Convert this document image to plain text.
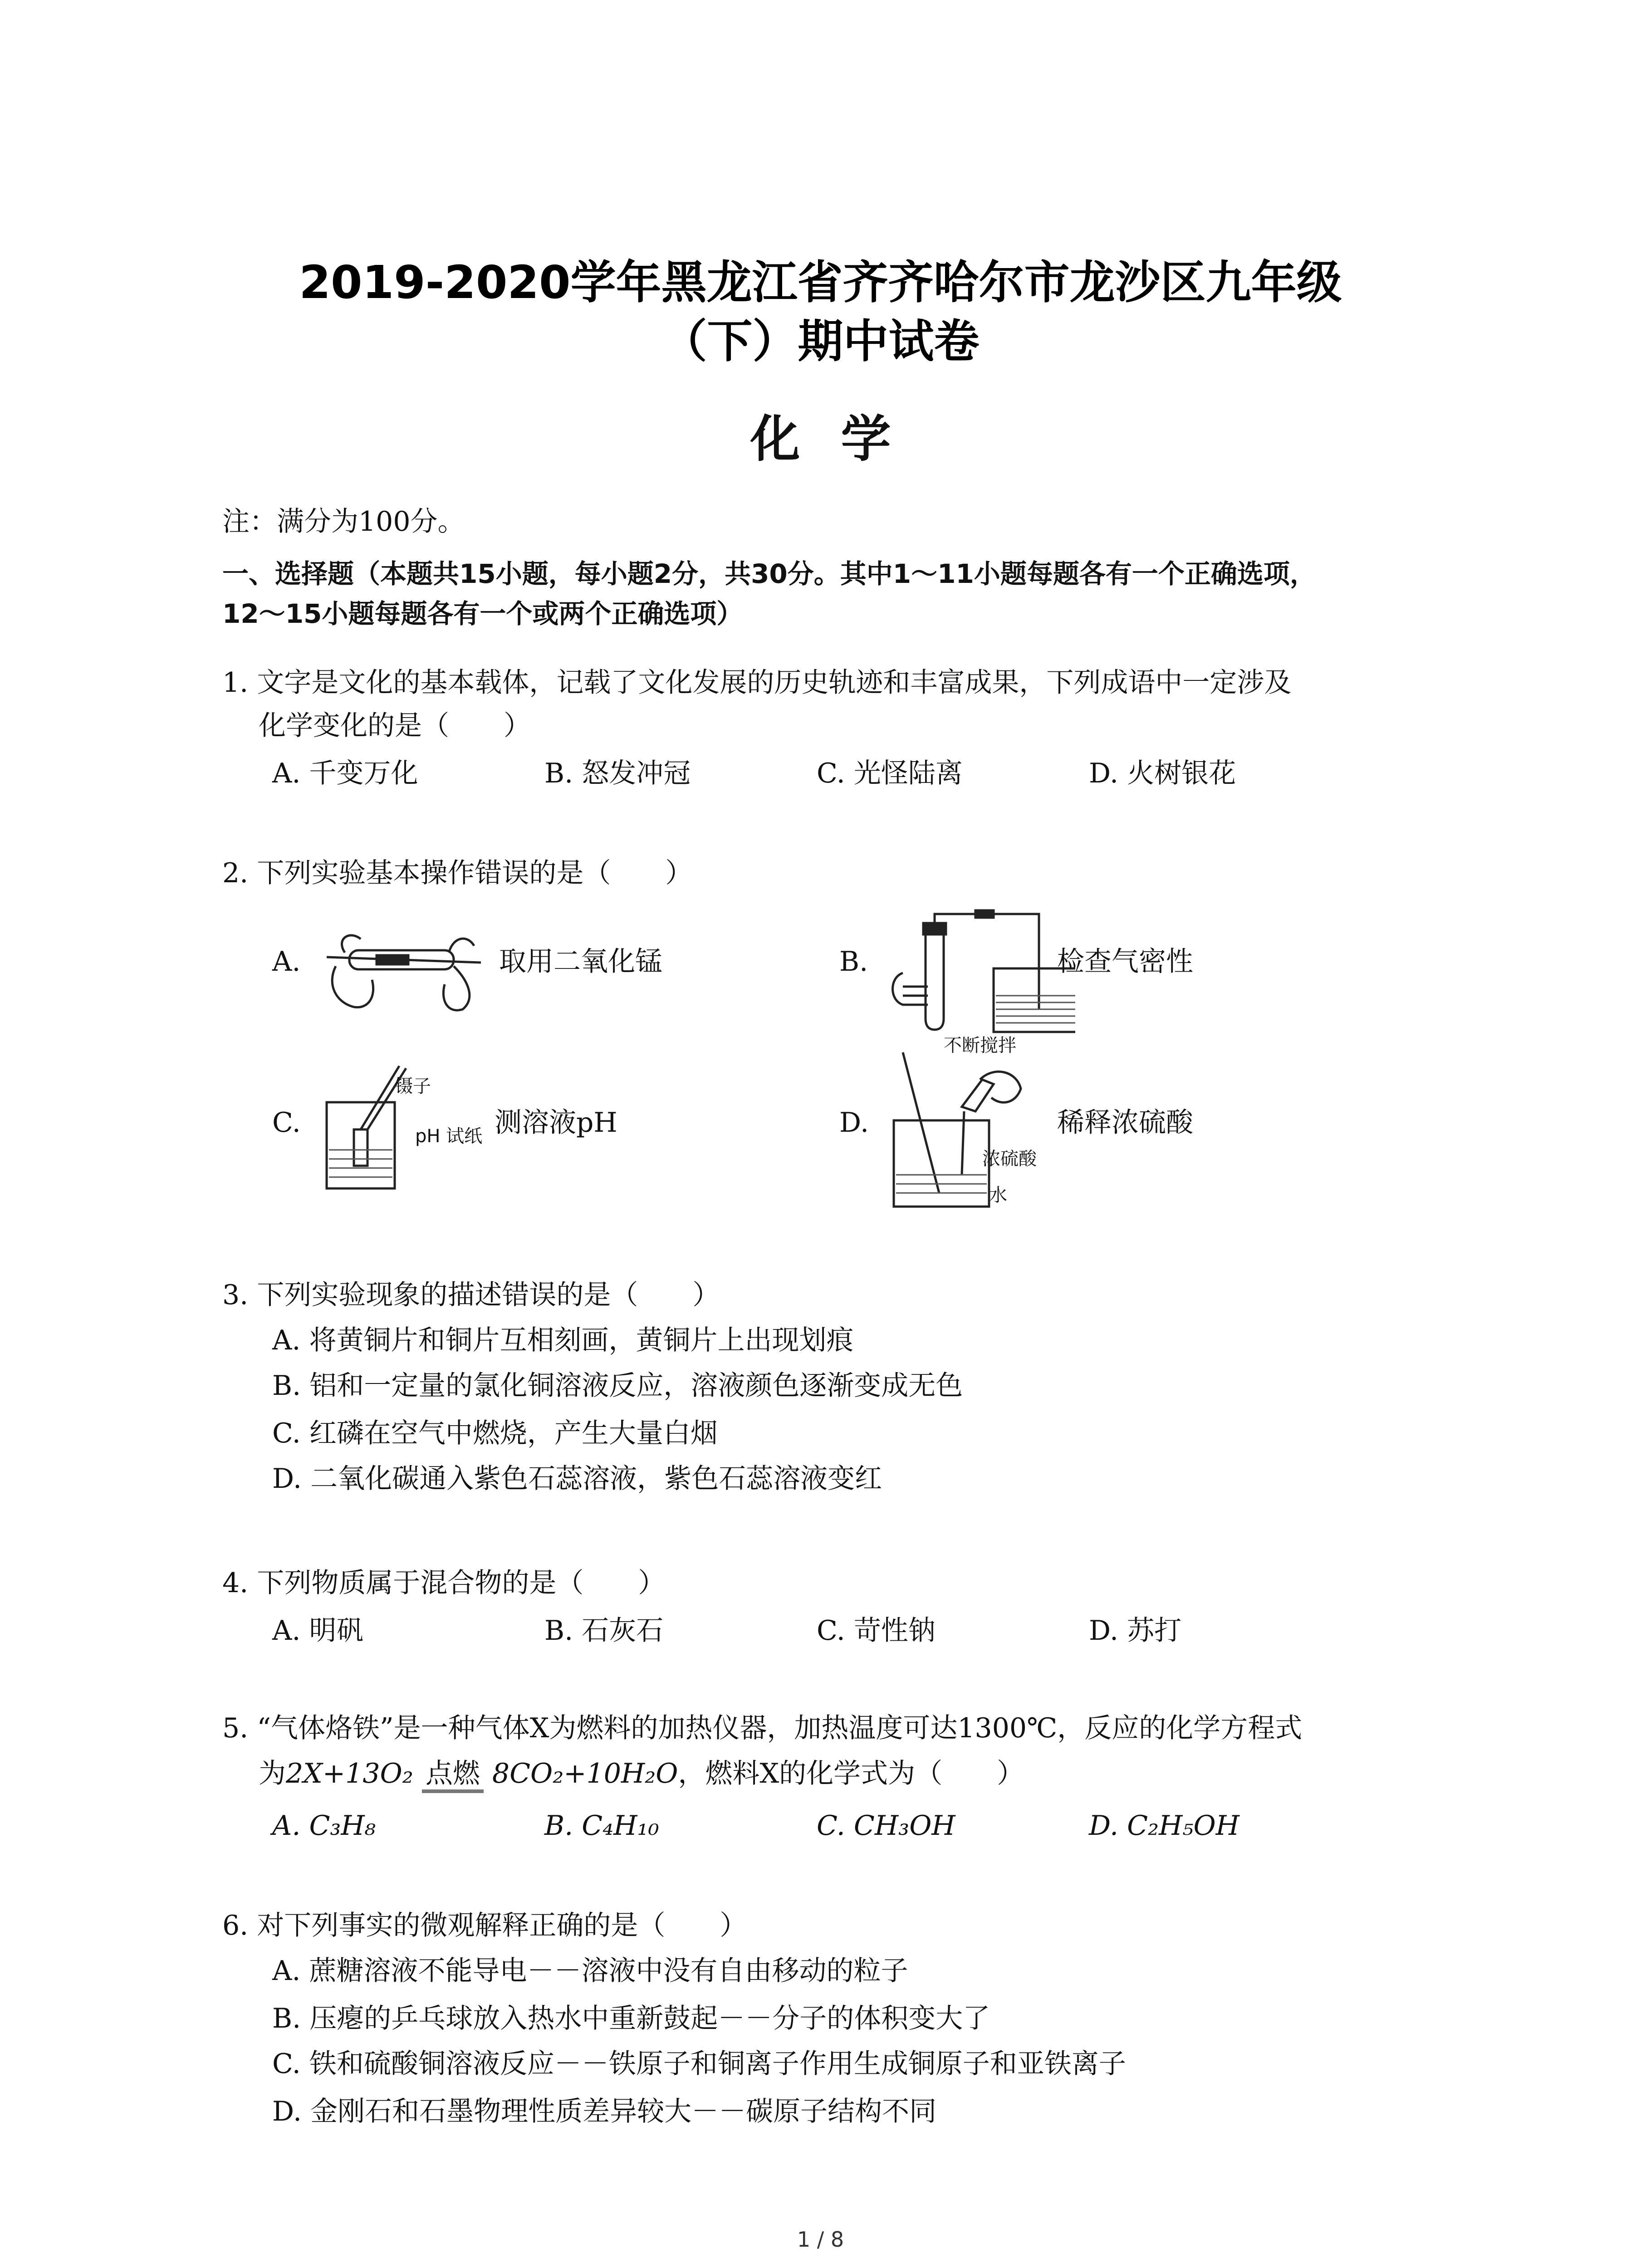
2019-2020学年黑龙江省齐齐哈尔市龙沙区九年级
（下）期中试卷
化学
注：满分为100分。
一、选择题（本题共15小题，每小题2分，共30分。其中1～11小题每题各有一个正确选项，
12～15小题每题各有一个或两个正确选项）
1. 文字是文化的基本载体，记载了文化发展的历史轨迹和丰富成果，下列成语中一定涉及
化学变化的是（　　）
A. 千变万化	B. 怒发冲冠	C. 光怪陆离	D. 火树银花
2. 下列实验基本操作错误的是（　　）
A.	取用二氧化锰	B.	检查气密性
C.
镊子
pH 试纸 测溶液pH	D.
不断搅拌
浓硫酸
水
稀释浓硫酸
3. 下列实验现象的描述错误的是（　　）
A. 将黄铜片和铜片互相刻画，黄铜片上出现划痕
B. 铝和一定量的氯化铜溶液反应，溶液颜色逐渐变成无色
C. 红磷在空气中燃烧，产生大量白烟
D. 二氧化碳通入紫色石蕊溶液，紫色石蕊溶液变红
4. 下列物质属于混合物的是（　　）
A. 明矾	B. 石灰石	C. 苛性钠	D. 苏打
5. “气体烙铁”是一种气体X为燃料的加热仪器，加热温度可达1300℃，反应的化学方程式
为2X+13O₂ 点燃 8CO₂+10H₂O，燃料X的化学式为（　　）
A. C₃H₈	B. C₄H₁₀	C. CH₃OH	D. C₂H₅OH
6. 对下列事实的微观解释正确的是（　　）
A. 蔗糖溶液不能导电－－溶液中没有自由移动的粒子
B. 压瘪的乒乓球放入热水中重新鼓起－－分子的体积变大了
C. 铁和硫酸铜溶液反应－－铁原子和铜离子作用生成铜原子和亚铁离子
D. 金刚石和石墨物理性质差异较大－－碳原子结构不同
1 / 8
